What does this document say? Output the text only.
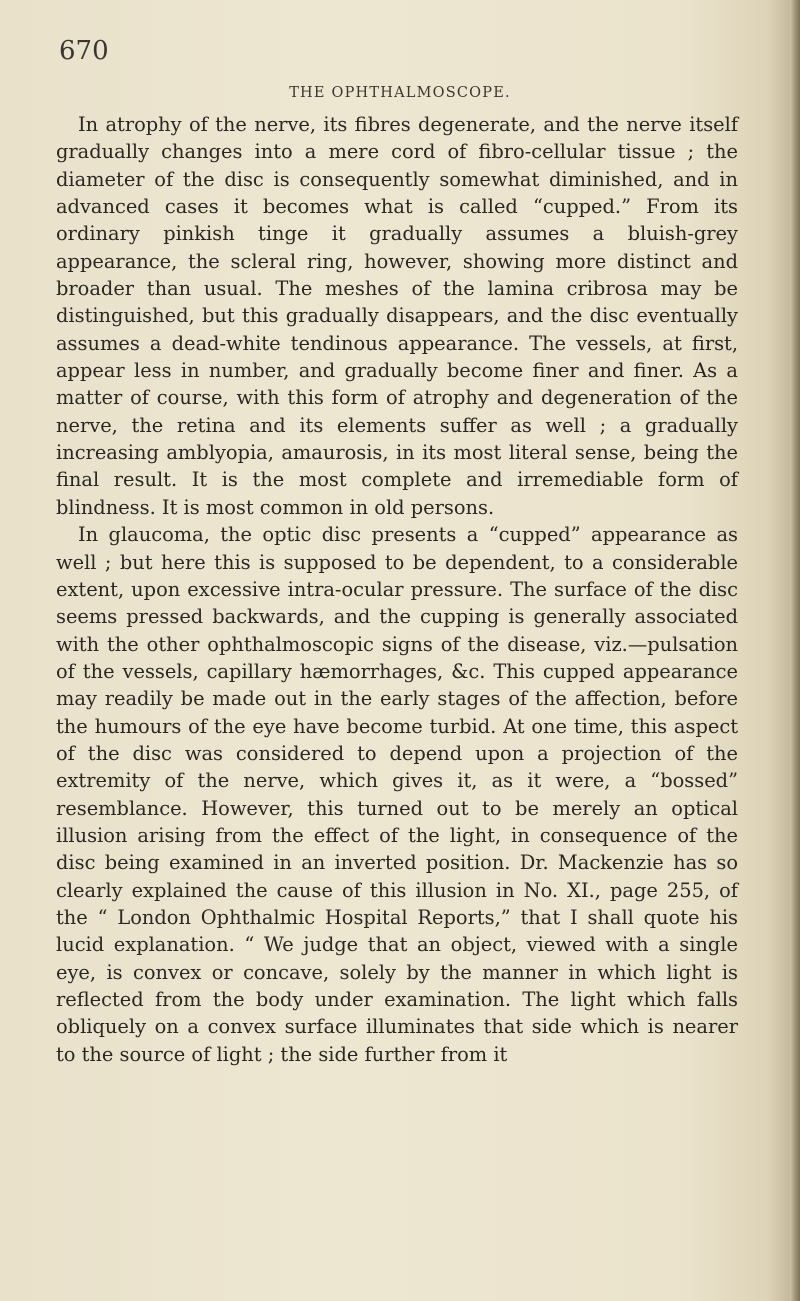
670

THE OPHTHALMOSCOPE.

In atrophy of the nerve, its fibres degenerate, and the nerve itself gradually changes into a mere cord of fibro-cellular tissue ; the diameter of the disc is consequently somewhat diminished, and in advanced cases it becomes what is called “cupped.” From its ordinary pinkish tinge it gradually assumes a bluish-grey appearance, the scleral ring, however, showing more distinct and broader than usual. The meshes of the lamina cribrosa may be distinguished, but this gradually disappears, and the disc eventually assumes a dead-white tendinous appearance. The vessels, at first, appear less in number, and gradually become finer and finer. As a matter of course, with this form of atrophy and degeneration of the nerve, the retina and its elements suffer as well ; a gradually increasing amblyopia, amaurosis, in its most literal sense, being the final result. It is the most complete and irremediable form of blindness. It is most common in old persons.

In glaucoma, the optic disc presents a “cupped” appearance as well ; but here this is supposed to be dependent, to a considerable extent, upon excessive intra-ocular pressure. The surface of the disc seems pressed backwards, and the cupping is generally associated with the other ophthalmoscopic signs of the disease, viz.—pulsation of the vessels, capillary hæmorrhages, &c. This cupped appearance may readily be made out in the early stages of the affection, before the humours of the eye have become turbid. At one time, this aspect of the disc was considered to depend upon a projection of the extremity of the nerve, which gives it, as it were, a “bossed” resemblance. However, this turned out to be merely an optical illusion arising from the effect of the light, in consequence of the disc being examined in an inverted position. Dr. Mackenzie has so clearly explained the cause of this illusion in No. XI., page 255, of the “ London Ophthalmic Hospital Reports,” that I shall quote his lucid explanation. “ We judge that an object, viewed with a single eye, is convex or concave, solely by the manner in which light is reflected from the body under examination. The light which falls obliquely on a convex surface illuminates that side which is nearer to the source of light ; the side further from it
